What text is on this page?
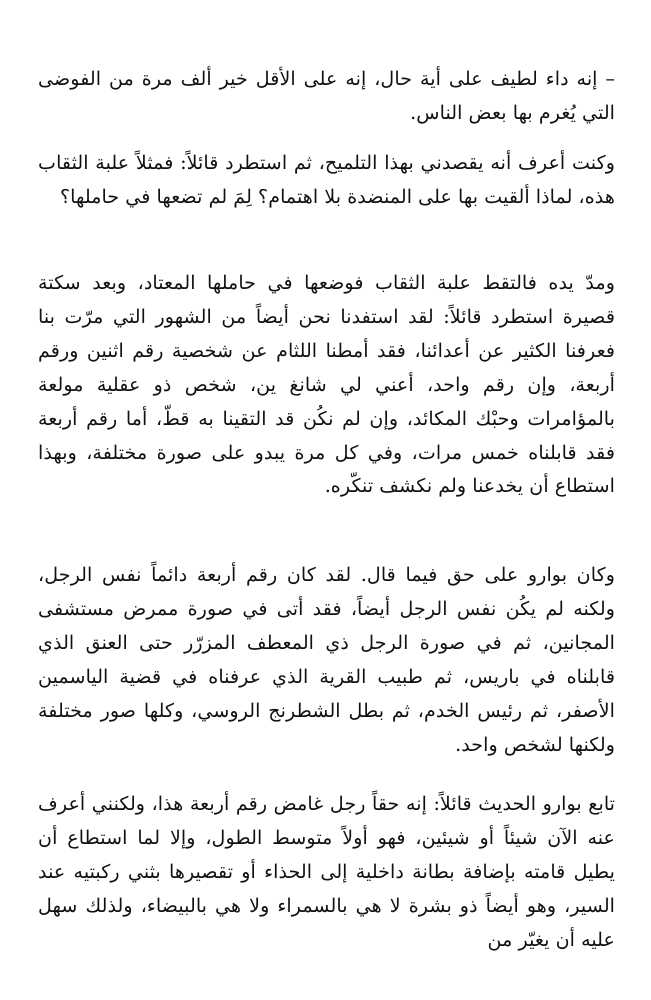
– إنه داء لطيف على أية حال، إنه على الأقل خير ألف مرة من الفوضى التي يُغرم بها بعض الناس.

وكنت أعرف أنه يقصدني بهذا التلميح، ثم استطرد قائلاً: فمثلاً علبة الثقاب هذه، لماذا ألقيت بها على المنضدة بلا اهتمام؟ لِمَ لم تضعها في حاملها؟

ومدّ يده فالتقط علبة الثقاب فوضعها في حاملها المعتاد، وبعد سكتة قصيرة استطرد قائلاً: لقد استفدنا نحن أيضاً من الشهور التي مرّت بنا فعرفنا الكثير عن أعدائنا، فقد أمطنا اللثام عن شخصية رقم اثنين ورقم أربعة، وإن رقم واحد، أعني لي شانغ ين، شخص ذو عقلية مولعة بالمؤامرات وحبْك المكائد، وإن لم نكُن قد التقينا به قطّ، أما رقم أربعة فقد قابلناه خمس مرات، وفي كل مرة يبدو على صورة مختلفة، وبهذا استطاع أن يخدعنا ولم نكشف تنكّره.

وكان بوارو على حق فيما قال. لقد كان رقم أربعة دائماً نفس الرجل، ولكنه لم يكُن نفس الرجل أيضاً، فقد أتى في صورة ممرض مستشفى المجانين، ثم في صورة الرجل ذي المعطف المزرّر حتى العنق الذي قابلناه في باريس، ثم طبيب القرية الذي عرفناه في قضية الياسمين الأصفر، ثم رئيس الخدم، ثم بطل الشطرنج الروسي، وكلها صور مختلفة ولكنها لشخص واحد.

تابع بوارو الحديث قائلاً: إنه حقاً رجل غامض رقم أربعة هذا، ولكنني أعرف عنه الآن شيئاً أو شيئين، فهو أولاً متوسط الطول، وإلا لما استطاع أن يطيل قامته بإضافة بطانة داخلية إلى الحذاء أو تقصيرها بثني ركبتيه عند السير، وهو أيضاً ذو بشرة لا هي بالسمراء ولا هي بالبيضاء، ولذلك سهل عليه أن يغيّر من
